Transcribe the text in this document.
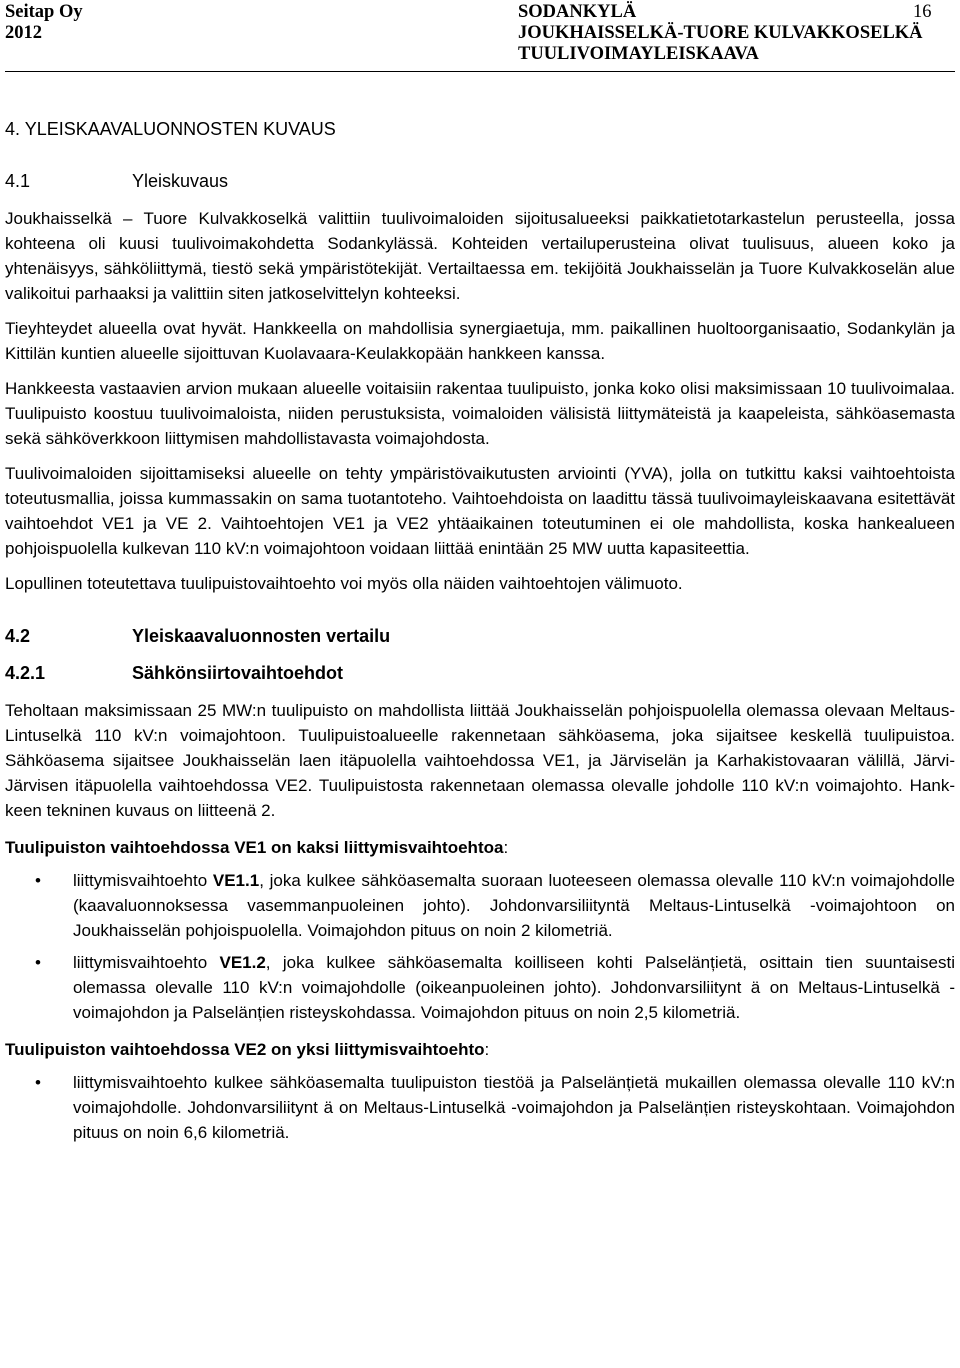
Seitap Oy
2012
SODANKYLÄ
JOUKHAISSELKÄ-TUORE KULVAKKOSELKÄ
TUULIVOIMAYLEISKAAVA
16
4. YLEISKAAVALUONNOSTEN KUVAUS
4.1	Yleiskuvaus

Joukhaisselkä – Tuore Kulvakkoselkä valittiin tuulivoimaloiden sijoitusalueeksi paikkatietotarkastelun perusteella, jossa kohteena oli kuusi tuulivoimakohdetta Sodankylässä. Kohteiden vertailuperusteina olivat tuulisuus, alueen koko ja yhtenäisyys, sähköliittymä, tiestö sekä ympäristötekijät. Vertailtaessa em. tekijöitä Joukhaisselän ja Tuore Kulvakkoselän alue valikoitui parhaaksi ja valittiin siten jatkoselvittelyn kohteeksi.

Tieyhteydet alueella ovat hyvät. Hankkeella on mahdollisia synergiaetuja, mm. paikallinen huoltoorganisaatio, Sodankylän ja Kittilän kuntien alueelle sijoittuvan Kuolavaara-Keulakkopään hankkeen kanssa.

Hankkeesta vastaavien arvion mukaan alueelle voitaisiin rakentaa tuulipuisto, jonka koko olisi maksimissaan 10 tuulivoimalaa. Tuulipuisto koostuu tuulivoimaloista, niiden perustuksista, voimaloiden välisistä liittymäteistä ja kaapeleista, sähköasemasta sekä sähköverkkoon liittymisen mahdollistavasta voimajohdosta.

Tuulivoimaloiden sijoittamiseksi alueelle on tehty ympäristövaikutusten arviointi (YVA), jolla on tutkittu kaksi vaihtoehtoista toteutusmallia, joissa kummassakin on sama tuotantoteho. Vaihtoehdoista on laadittu tässä tuulivoimayleiskaavana esitettävät vaihtoehdot VE1 ja VE 2. Vaihtoehtojen VE1 ja VE2 yhtäaikainen toteutuminen ei ole mahdollista, koska hankealueen pohjoispuolella kulkevan 110 kV:n voimajohtoon voidaan liittää enintään 25 MW uutta kapasiteettia.

Lopullinen toteutettava tuulipuistovaihtoehto voi myös olla näiden vaihtoehtojen välimuoto.

4.2	Yleiskaavaluonnosten vertailu
4.2.1	Sähkönsiirtovaihtoehdot

Teholtaan maksimissaan 25 MW:n tuulipuisto on mahdollista liittää Joukhaisselän pohjoispuolella olemassa olevaan Meltaus-Lintuselkä 110 kV:n voimajohtoon. Tuulipuistoalueelle rakennetaan sähköasema, joka sijaitsee keskellä tuulipuistoa. Sähköasema sijaitsee Joukhaisselän laen itäpuolella vaihtoehdossa VE1, ja Järviselän ja Karhakistovaaran välillä, Järvi-Järvisen itäpuolella vaihtoehdossa VE2. Tuulipuistosta rakennetaan olemassa olevalle johdolle 110 kV:n voimajohto. Hankkeen tekninen kuvaus on liitteenä 2.

Tuulipuiston vaihtoehdossa VE1 on kaksi liittymisvaihtoehtoa:
• liittymisvaihtoehto VE1.1, joka kulkee sähköasemalta suoraan luoteeseen olemassa olevalle 110 kV:n voimajohdolle (kaavaluonnoksessa vasemmanpuoleinen johto). Johdonvarsiliityntä Meltaus-Lintuselkä -voimajohtoon on Joukhaisselän pohjoispuolella. Voimajohdon pituus on noin 2 kilometriä.
• liittymisvaihtoehto VE1.2, joka kulkee sähköasemalta koilliseen kohti Palselänțietä, osittain tien suuntaisesti olemassa olevalle 110 kV:n voimajohdolle (oikeanpuoleinen johto). Johdonvarsiliitynt ä on Meltaus-Lintuselkä -voimajohdon ja Palselänțien risteyskohdassa. Voimajohdon pituus on noin 2,5 kilometriä.
Tuulipuiston vaihtoehdossa VE2 on yksi liittymisvaihtoehto:
• liittymisvaihtoehto kulkee sähköasemalta tuulipuiston tiestöä ja Palselänțietä mukaillen olemassa olevalle 110 kV:n voimajohdolle. Johdonvarsiliitynt ä on Meltaus-Lintuselkä -voimajohdon ja Palselänțien risteyskohtaan. Voimajohdon pituus on noin 6,6 kilometriä.
